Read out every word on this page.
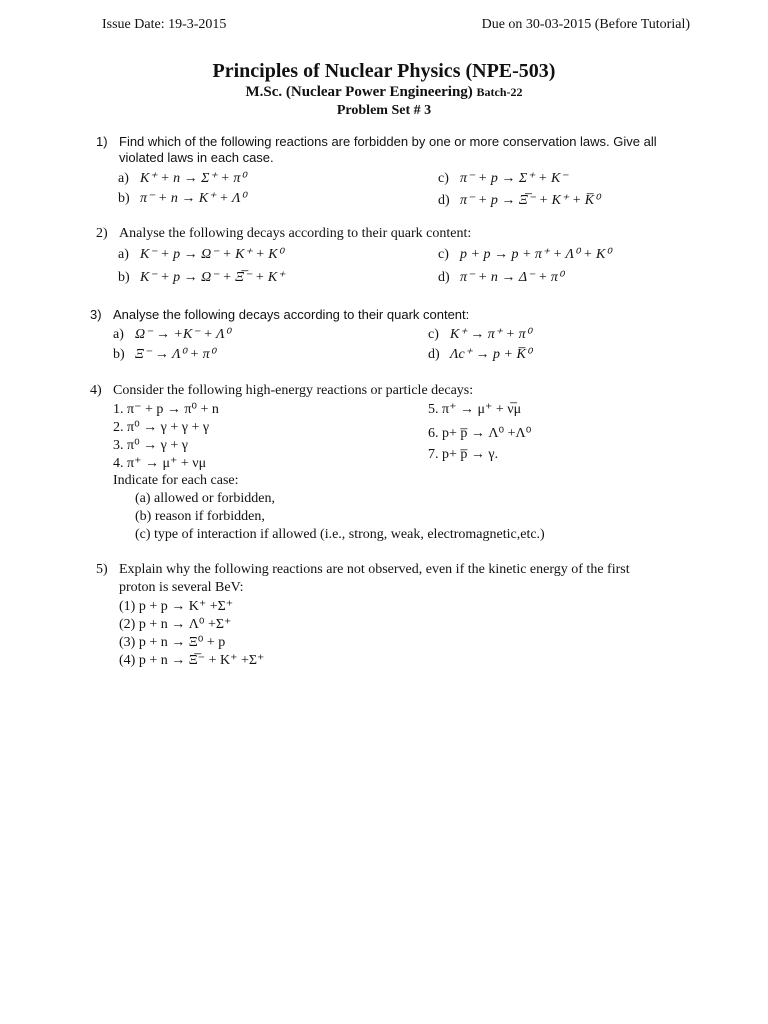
Issue Date: 19-3-2015	Due on 30-03-2015 (Before Tutorial)
Principles of Nuclear Physics (NPE-503)
M.Sc. (Nuclear Power Engineering) Batch-22
Problem Set # 3
1) Find which of the following reactions are forbidden by one or more conservation laws. Give all
violated laws in each case.
a) K⁺ + n → Σ⁺ + π⁰
b) π⁻ + n → K⁺ + Λ⁰
c) π⁻ + p → Σ⁺ + K⁻
d) π⁻ + p → Ξ̅⁻ + K⁺ + K̅⁰
2) Analyse the following decays according to their quark content:
a) K⁻ + p → Ω⁻ + K⁺ + K⁰
b) K⁻ + p → Ω⁻ + Ξ̅⁻ + K⁺
c) p + p → p + π⁺ + Λ⁰ + K⁰
d) π⁻ + n → Δ⁻ + π⁰
3) Analyse the following decays according to their quark content:
a) Ω⁻ → +K⁻ + Λ⁰
b) Ξ⁻ → Λ⁰ + π⁰
c) K⁺ → π⁺ + π⁰
d) Λc⁺ → p + K̅⁰
4) Consider the following high-energy reactions or particle decays:
1. π⁻ + p → π⁰ + n
2. π⁰ → γ + γ + γ
3. π⁰ → γ + γ
4. π⁺ → μ⁺ + νμ
5. π⁺ → μ⁺ + ν̅μ
6. p+ p̅ → Λ⁰ +Λ⁰
7. p+ p̅ → γ.
Indicate for each case:
(a) allowed or forbidden,
(b) reason if forbidden,
(c) type of interaction if allowed (i.e., strong, weak, electromagnetic,etc.)
5) Explain why the following reactions are not observed, even if the kinetic energy of the first
proton is several BeV:
(1) p + p → K⁺ +Σ⁺
(2) p + n → Λ⁰ +Σ⁺
(3) p + n → Ξ⁰ + p
(4) p + n → Ξ̅⁻ + K⁺ +Σ⁺
